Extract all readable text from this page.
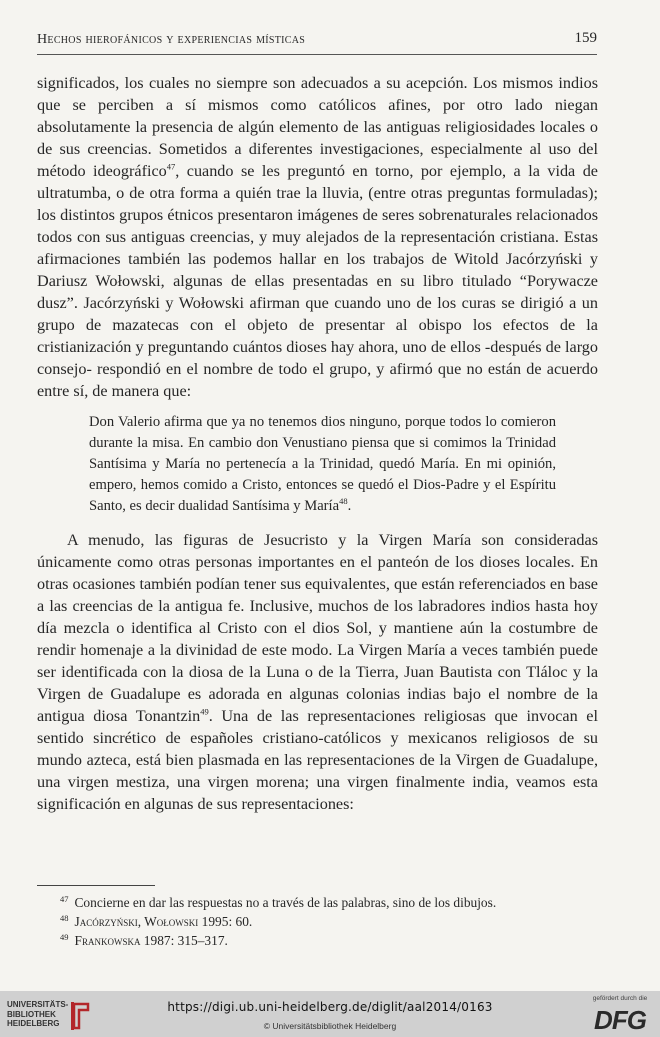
Hechos hierofánicos y experiencias místicas	159

significados, los cuales no siempre son adecuados a su acepción. Los mismos indios que se perciben a sí mismos como católicos afines, por otro lado niegan absolutamente la presencia de algún elemento de las antiguas religiosidades locales o de sus creencias. Sometidos a diferentes investigaciones, especialmente al uso del método ideográfico$^{47}$, cuando se les preguntó en torno, por ejemplo, a la vida de ultratumba, o de otra forma a quién trae la lluvia, (entre otras preguntas formuladas); los distintos grupos étnicos presentaron imágenes de seres sobrenaturales relacionados todos con sus antiguas creencias, y muy alejados de la representación cristiana. Estas afirmaciones también las podemos hallar en los trabajos de Witold Jacórzyński y Dariusz Wołowski, algunas de ellas presentadas en su libro titulado “Porywacze dusz”. Jacórzyński y Wołowski afirman que cuando uno de los curas se dirigió a un grupo de mazatecas con el objeto de presentar al obispo los efectos de la cristianización y preguntando cuántos dioses hay ahora, uno de ellos -después de largo consejo- respondió en el nombre de todo el grupo, y afirmó que no están de acuerdo entre sí, de manera que:

Don Valerio afirma que ya no tenemos dios ninguno, porque todos lo comieron durante la misa. En cambio don Venustiano piensa que si comimos la Trinidad Santísima y María no pertenecía a la Trinidad, quedó María. En mi opinión, empero, hemos comido a Cristo, entonces se quedó el Dios-Padre y el Espíritu Santo, es decir dualidad Santísima y María$^{48}$.

A menudo, las figuras de Jesucristo y la Virgen María son consideradas únicamente como otras personas importantes en el panteón de los dioses locales. En otras ocasiones también podían tener sus equivalentes, que están referenciados en base a las creencias de la antigua fe. Inclusive, muchos de los labradores indios hasta hoy día mezcla o identifica al Cristo con el dios Sol, y mantiene aún la costumbre de rendir homenaje a la divinidad de este modo. La Virgen María a veces también puede ser identificada con la diosa de la Luna o de la Tierra, Juan Bautista con Tláloc y la Virgen de Guadalupe es adorada en algunas colonias indias bajo el nombre de la antigua diosa Tonantzin$^{49}$. Una de las representaciones religiosas que invocan el sentido sincrético de españoles cristiano-católicos y mexicanos religiosos de su mundo azteca, está bien plasmada en las representaciones de la Virgen de Guadalupe, una virgen mestiza, una virgen morena; una virgen finalmente india, veamos esta significación en algunas de sus representaciones:

$^{47}$ Concierne en dar las respuestas no a través de las palabras, sino de los dibujos.
$^{48}$ Jacórzyński, Wołowski 1995: 60.
$^{49}$ Frankowska 1987: 315–317.
UNIVERSITÄTS-
BIBLIOTHEK
HEIDELBERG
https://digi.ub.uni-heidelberg.de/diglit/aal2014/0163
© Universitätsbibliothek Heidelberg
gefördert durch die
DFG
